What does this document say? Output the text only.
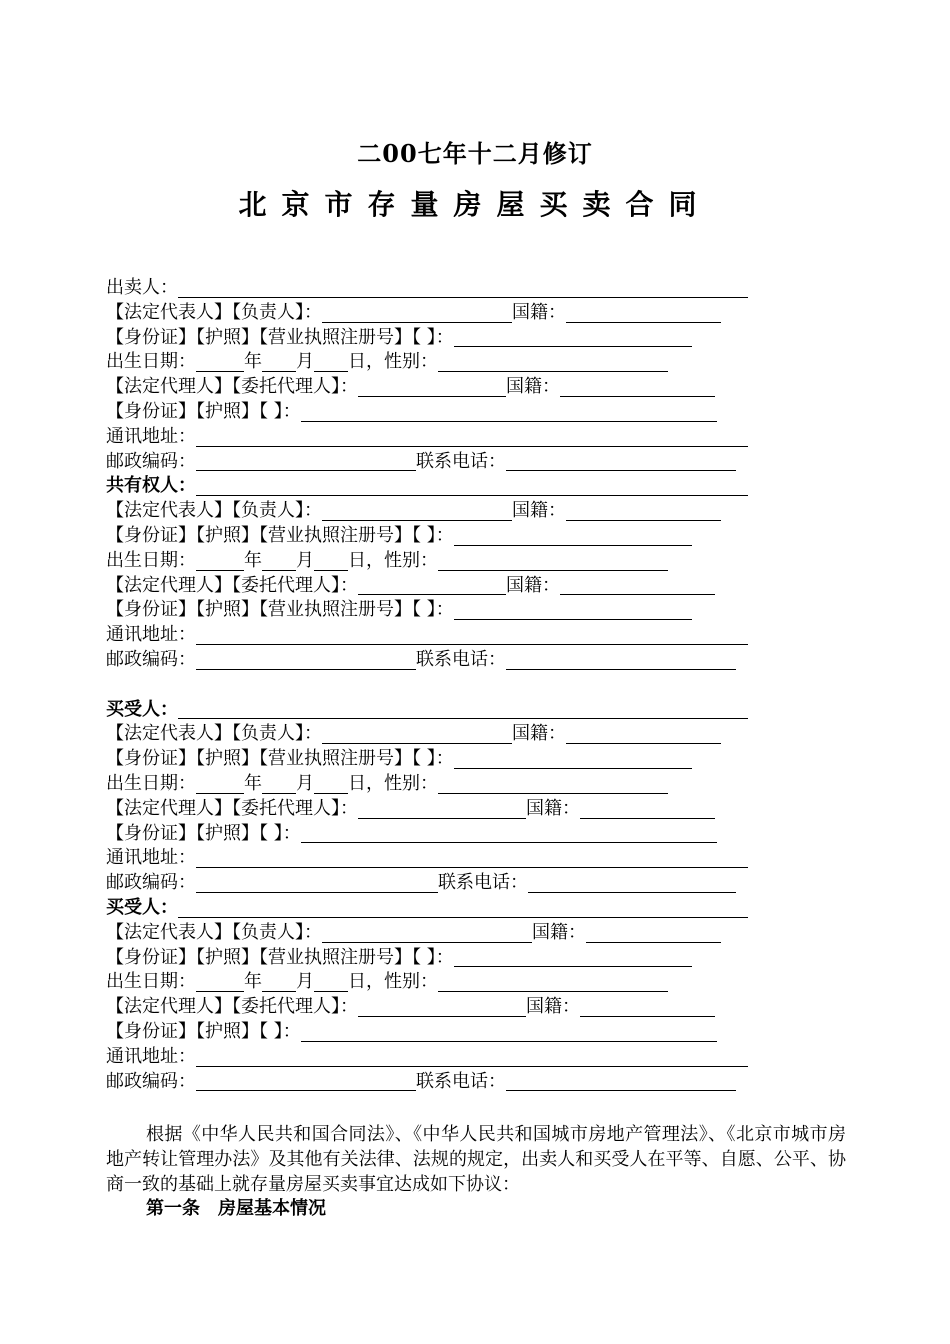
二00七年十二月修订
北京市存量房屋买卖合同
出卖人：
【法定代表人】【负责人】：	国籍：
【身份证】【护照】【营业执照注册号】【 】：
出生日期：	年 月 日，性别：
【法定代理人】【委托代理人】：	国籍：
【身份证】【护照】【 】：
通讯地址：
邮政编码：	联系电话：
共有权人：
【法定代表人】【负责人】：	国籍：
【身份证】【护照】【营业执照注册号】【 】：
出生日期：	年 月 日，性别：
【法定代理人】【委托代理人】：	国籍：
【身份证】【护照】【营业执照注册号】【 】：
通讯地址：
邮政编码：	联系电话：
买受人：
【法定代表人】【负责人】：	国籍：
【身份证】【护照】【营业执照注册号】【 】：
出生日期：	年 月 日，性别：
【法定代理人】【委托代理人】：	国籍：
【身份证】【护照】【 】：
通讯地址：
邮政编码：	联系电话：
买受人：
【法定代表人】【负责人】：	国籍：
【身份证】【护照】【营业执照注册号】【 】：
出生日期：	年 月 日，性别：
【法定代理人】【委托代理人】：	国籍：
【身份证】【护照】【 】：
通讯地址：
邮政编码：	联系电话：
根据《中华人民共和国合同法》、《中华人民共和国城市房地产管理法》、《北京市城市房地产转让管理办法》及其他有关法律、法规的规定，出卖人和买受人在平等、自愿、公平、协商一致的基础上就存量房屋买卖事宜达成如下协议：
第一条 房屋基本情况
